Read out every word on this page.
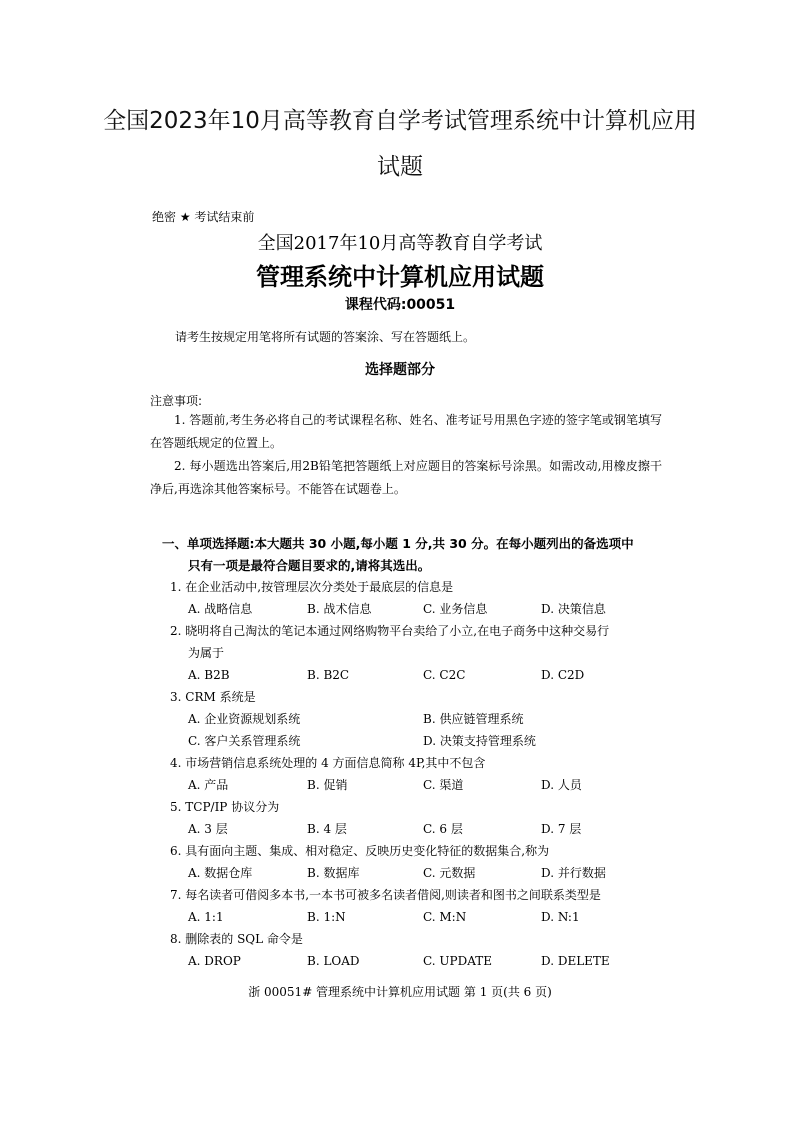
全国2023年10月高等教育自学考试管理系统中计算机应用
试题
绝密 ★ 考试结束前
全国2017年10月高等教育自学考试
管理系统中计算机应用试题
课程代码:00051
请考生按规定用笔将所有试题的答案涂、写在答题纸上。
选择题部分
注意事项:

1. 答题前,考生务必将自己的考试课程名称、姓名、准考证号用黑色字迹的签字笔或钢笔填写在答题纸规定的位置上。

2. 每小题选出答案后,用2B铅笔把答题纸上对应题目的答案标号涂黑。如需改动,用橡皮擦干净后,再选涂其他答案标号。不能答在试题卷上。

一、单项选择题:本大题共 30 小题,每小题 1 分,共 30 分。在每小题列出的备选项中
只有一项是最符合题目要求的,请将其选出。
1. 在企业活动中,按管理层次分类处于最底层的信息是
A. 战略信息	B. 战术信息	C. 业务信息	D. 决策信息
2. 晓明将自己淘汰的笔记本通过网络购物平台卖给了小立,在电子商务中这种交易行
为属于
A. B2B	B. B2C	C. C2C	D. C2D
3. CRM 系统是
A. 企业资源规划系统	B. 供应链管理系统
C. 客户关系管理系统	D. 决策支持管理系统
4. 市场营销信息系统处理的 4 方面信息简称 4P,其中不包含
A. 产品	B. 促销	C. 渠道	D. 人员
5. TCP/IP 协议分为
A. 3 层	B. 4 层	C. 6 层	D. 7 层
6. 具有面向主题、集成、相对稳定、反映历史变化特征的数据集合,称为
A. 数据仓库	B. 数据库	C. 元数据	D. 并行数据
7. 每名读者可借阅多本书,一本书可被多名读者借阅,则读者和图书之间联系类型是
A. 1:1	B. 1:N	C. M:N	D. N:1
8. 删除表的 SQL 命令是
A. DROP	B. LOAD	C. UPDATE	D. DELETE
浙 00051# 管理系统中计算机应用试题 第 1 页(共 6 页)
